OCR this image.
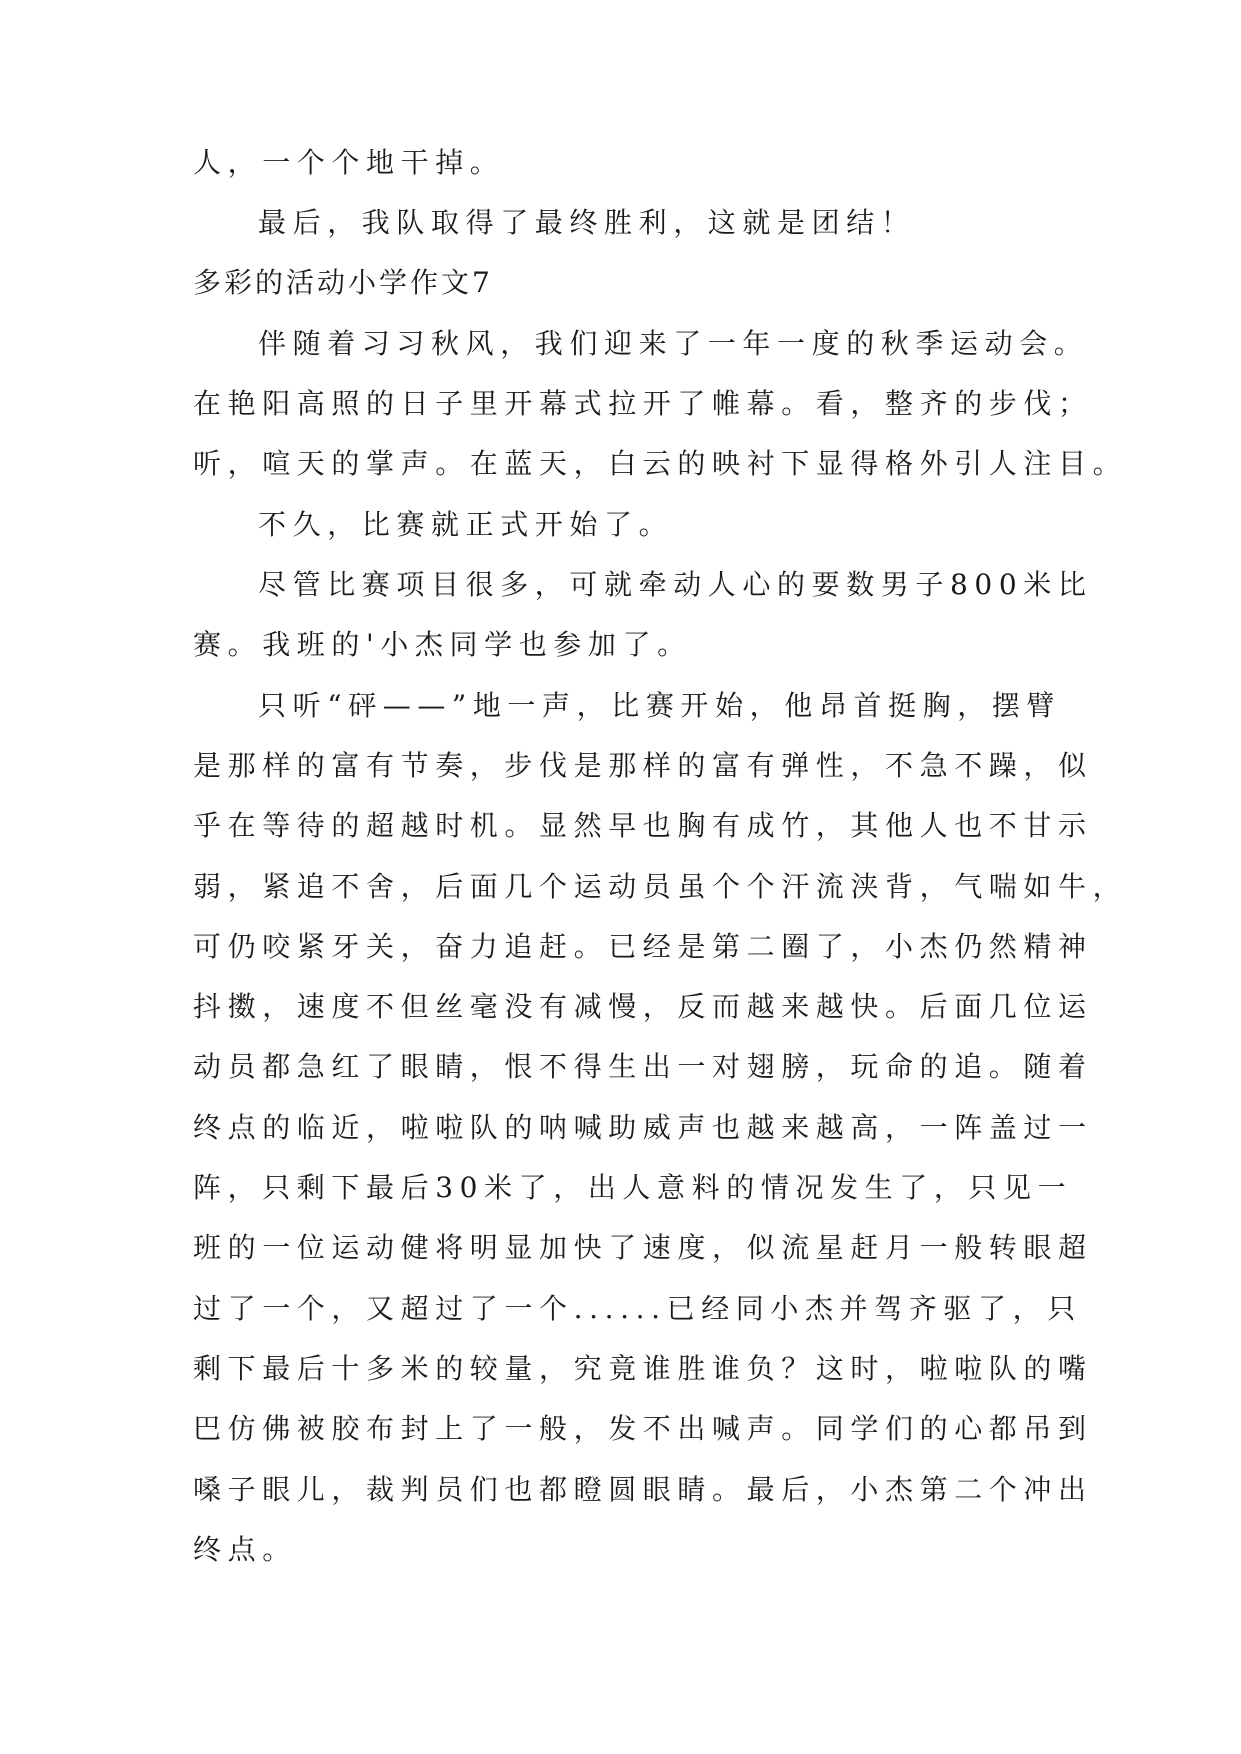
人，一个个地干掉。

最后，我队取得了最终胜利，这就是团结！

多彩的活动小学作文7

伴随着习习秋风，我们迎来了一年一度的秋季运动会。

在艳阳高照的日子里开幕式拉开了帷幕。看，整齐的步伐；

听，喧天的掌声。在蓝天，白云的映衬下显得格外引人注目。

不久，比赛就正式开始了。

尽管比赛项目很多，可就牵动人心的要数男子800米比

赛。我班的'小杰同学也参加了。

只听“砰——”地一声，比赛开始，他昂首挺胸，摆臂

是那样的富有节奏，步伐是那样的富有弹性，不急不躁，似

乎在等待的超越时机。显然早也胸有成竹，其他人也不甘示

弱，紧追不舍，后面几个运动员虽个个汗流浃背，气喘如牛，

可仍咬紧牙关，奋力追赶。已经是第二圈了，小杰仍然精神

抖擞，速度不但丝毫没有减慢，反而越来越快。后面几位运

动员都急红了眼睛，恨不得生出一对翅膀，玩命的追。随着

终点的临近，啦啦队的呐喊助威声也越来越高，一阵盖过一

阵，只剩下最后30米了，出人意料的情况发生了，只见一

班的一位运动健将明显加快了速度，似流星赶月一般转眼超

过了一个，又超过了一个......已经同小杰并驾齐驱了，只

剩下最后十多米的较量，究竟谁胜谁负？这时，啦啦队的嘴

巴仿佛被胶布封上了一般，发不出喊声。同学们的心都吊到

嗓子眼儿，裁判员们也都瞪圆眼睛。最后，小杰第二个冲出

终点。
